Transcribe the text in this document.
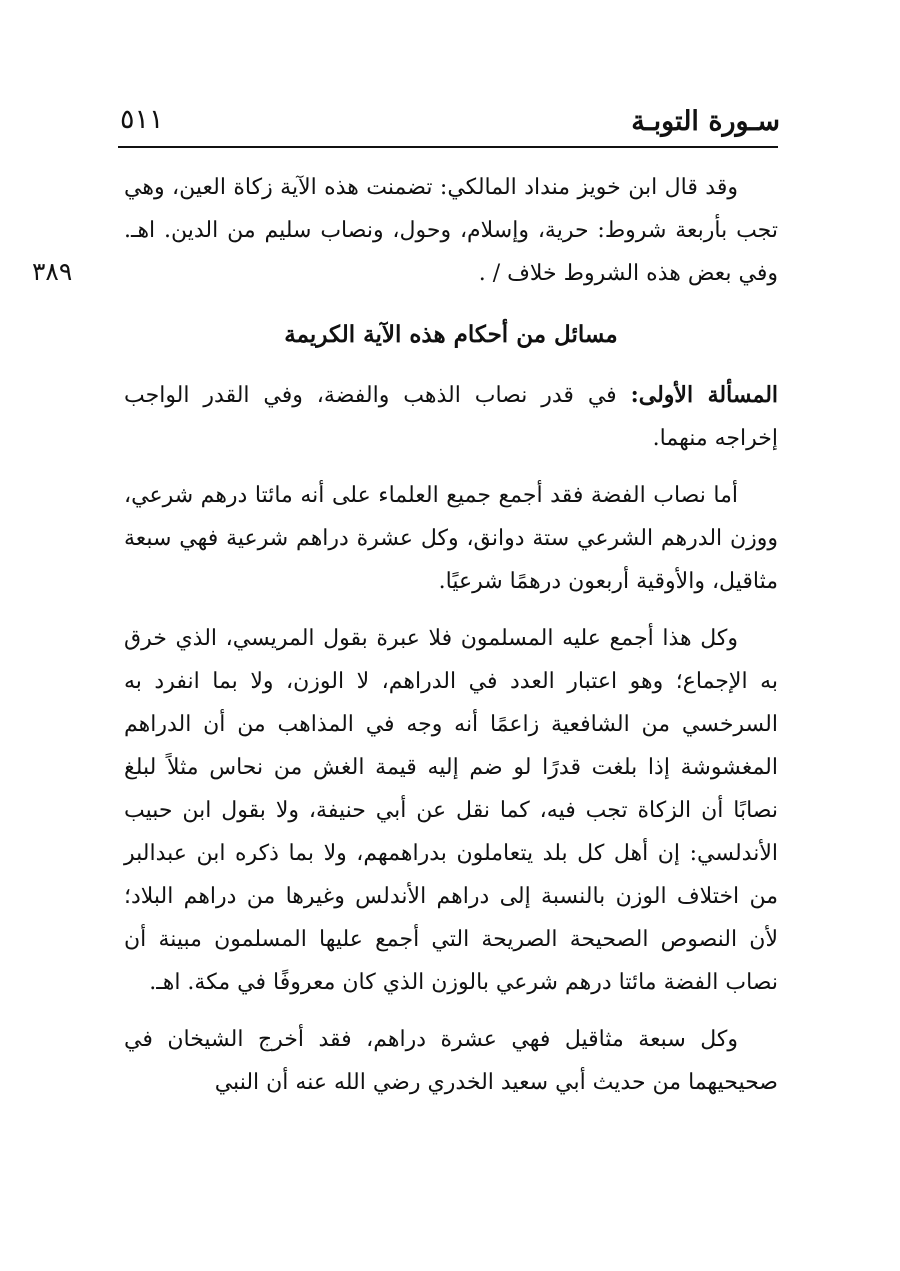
سـورة التوبـة
٥١١
٣٨٩

وقد قال ابن خويز منداد المالكي: تضمنت هذه الآية زكاة العين، وهي تجب بأربعة شروط: حرية، وإسلام، وحول، ونصاب سليم من الدين. اهـ. وفي بعض هذه الشروط خلاف / .

مسائل من أحكام هذه الآية الكريمة

المسألة الأولى: في قدر نصاب الذهب والفضة، وفي القدر الواجب إخراجه منهما.

أما نصاب الفضة فقد أجمع جميع العلماء على أنه مائتا درهم شرعي، ووزن الدرهم الشرعي ستة دوانق، وكل عشرة دراهم شرعية فهي سبعة مثاقيل، والأوقية أربعون درهمًا شرعيًا.

وكل هذا أجمع عليه المسلمون فلا عبرة بقول المريسي، الذي خرق به الإجماع؛ وهو اعتبار العدد في الدراهم، لا الوزن، ولا بما انفرد به السرخسي من الشافعية زاعمًا أنه وجه في المذاهب من أن الدراهم المغشوشة إذا بلغت قدرًا لو ضم إليه قيمة الغش من نحاس مثلاً لبلغ نصابًا أن الزكاة تجب فيه، كما نقل عن أبي حنيفة، ولا بقول ابن حبيب الأندلسي: إن أهل كل بلد يتعاملون بدراهمهم، ولا بما ذكره ابن عبدالبر من اختلاف الوزن بالنسبة إلى دراهم الأندلس وغيرها من دراهم البلاد؛ لأن النصوص الصحيحة الصريحة التي أجمع عليها المسلمون مبينة أن نصاب الفضة مائتا درهم شرعي بالوزن الذي كان معروفًا في مكة. اهـ.

وكل سبعة مثاقيل فهي عشرة دراهم، فقد أخرج الشيخان في صحيحيهما من حديث أبي سعيد الخدري رضي الله عنه أن النبي
